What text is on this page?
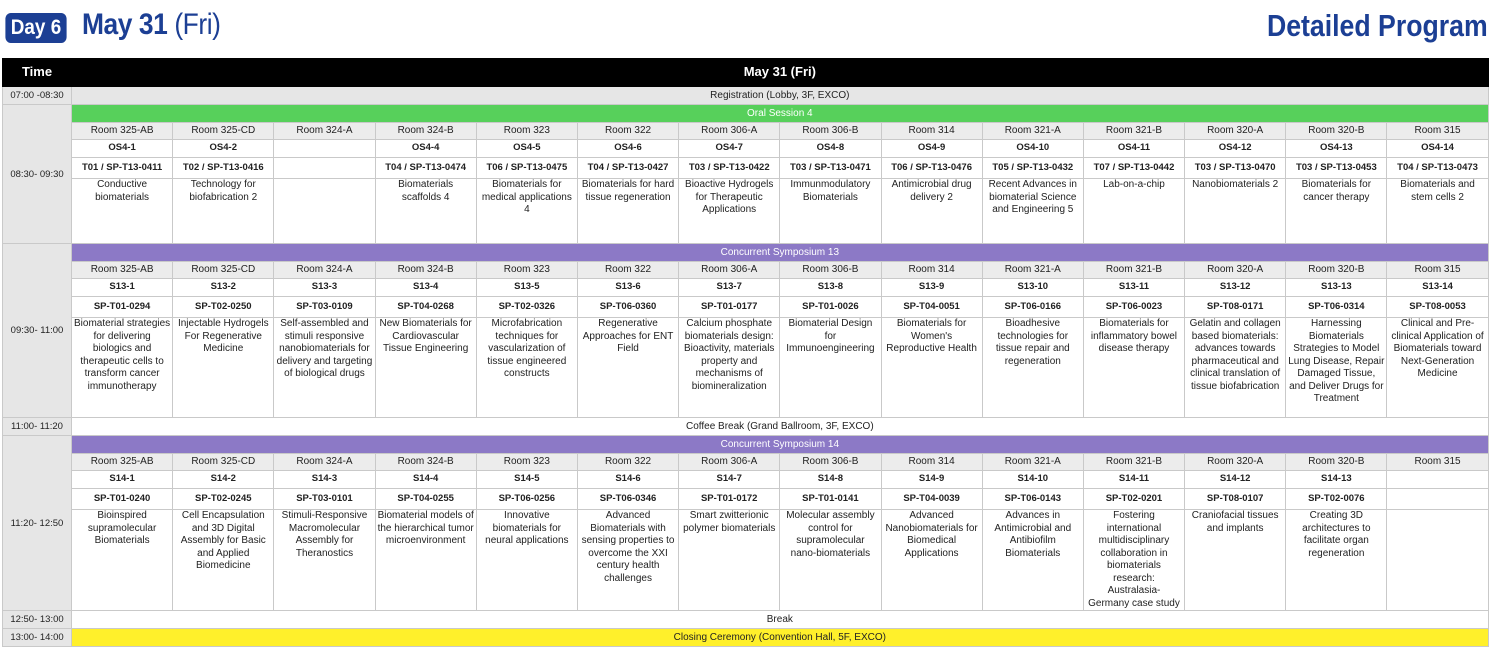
Day 6 May 31 (Fri)	Detailed Program
Time	May 31 (Fri)													
07:00 -08:30	Registration (Lobby, 3F, EXCO)													
08:30- 09:30	Oral Session 4													
	Room 325-AB	Room 325-CD	Room 324-A	Room 324-B	Room 323	Room 322	Room 306-A	Room 306-B	Room 314	Room 321-A	Room 321-B	Room 320-A	Room 320-B	Room 315
	OS4-1	OS4-2		OS4-4	OS4-5	OS4-6	OS4-7	OS4-8	OS4-9	OS4-10	OS4-11	OS4-12	OS4-13	OS4-14
	T01 / SP-T13-0411	T02 / SP-T13-0416		T04 / SP-T13-0474	T06 / SP-T13-0475	T04 / SP-T13-0427	T03 / SP-T13-0422	T03 / SP-T13-0471	T06 / SP-T13-0476	T05 / SP-T13-0432	T07 / SP-T13-0442	T03 / SP-T13-0470	T03 / SP-T13-0453	T04 / SP-T13-0473
	Conductive biomaterials	Technology for biofabrication 2		Biomaterials scaffolds 4	Biomaterials for medical applications 4	Biomaterials for hard tissue regeneration	Bioactive Hydrogels for Therapeutic Applications	Immunmodulatory Biomaterials	Antimicrobial drug delivery 2	Recent Advances in biomaterial Science and Engineering 5	Lab-on-a-chip	Nanobiomaterials 2	Biomaterials for cancer therapy	Biomaterials and stem cells 2
09:30- 11:00	Concurrent Symposium 13													
	Room 325-AB	Room 325-CD	Room 324-A	Room 324-B	Room 323	Room 322	Room 306-A	Room 306-B	Room 314	Room 321-A	Room 321-B	Room 320-A	Room 320-B	Room 315
	S13-1	S13-2	S13-3	S13-4	S13-5	S13-6	S13-7	S13-8	S13-9	S13-10	S13-11	S13-12	S13-13	S13-14
	SP-T01-0294	SP-T02-0250	SP-T03-0109	SP-T04-0268	SP-T02-0326	SP-T06-0360	SP-T01-0177	SP-T01-0026	SP-T04-0051	SP-T06-0166	SP-T06-0023	SP-T08-0171	SP-T06-0314	SP-T08-0053
	Biomaterial strategies for delivering biologics and therapeutic cells to transform cancer immunotherapy	Injectable Hydrogels For Regenerative Medicine	Self-assembled and stimuli responsive nanobiomaterials for delivery and targeting of biological drugs	New Biomaterials for Cardiovascular Tissue Engineering	Microfabrication techniques for vascularization of tissue engineered constructs	Regenerative Approaches for ENT Field	Calcium phosphate biomaterials design: Bioactivity, materials property and mechanisms of biomineralization	Biomaterial Design for Immunoengineering	Biomaterials for Women's Reproductive Health	Bioadhesive technologies for tissue repair and regeneration	Biomaterials for inflammatory bowel disease therapy	Gelatin and collagen based biomaterials: advances towards pharmaceutical and clinical translation of tissue biofabrication	Harnessing Biomaterials Strategies to Model Lung Disease, Repair Damaged Tissue, and Deliver Drugs for Treatment	Clinical and Pre-clinical Application of Biomaterials toward Next-Generation Medicine
11:00- 11:20	Coffee Break (Grand Ballroom, 3F, EXCO)													
11:20- 12:50	Concurrent Symposium 14													
	Room 325-AB	Room 325-CD	Room 324-A	Room 324-B	Room 323	Room 322	Room 306-A	Room 306-B	Room 314	Room 321-A	Room 321-B	Room 320-A	Room 320-B	Room 315
	S14-1	S14-2	S14-3	S14-4	S14-5	S14-6	S14-7	S14-8	S14-9	S14-10	S14-11	S14-12	S14-13	
	SP-T01-0240	SP-T02-0245	SP-T03-0101	SP-T04-0255	SP-T06-0256	SP-T06-0346	SP-T01-0172	SP-T01-0141	SP-T04-0039	SP-T06-0143	SP-T02-0201	SP-T08-0107	SP-T02-0076	
	Bioinspired supramolecular Biomaterials	Cell Encapsulation and 3D Digital Assembly for Basic and Applied Biomedicine	Stimuli-Responsive Macromolecular Assembly for Theranostics	Biomaterial models of the hierarchical tumor microenvironment	Innovative biomaterials for neural applications	Advanced Biomaterials with sensing properties to overcome the XXI century health challenges	Smart zwitterionic polymer biomaterials	Molecular assembly control for supramolecular nano-biomaterials	Advanced Nanobiomaterials for Biomedical Applications	Advances in Antimicrobial and Antibiofilm Biomaterials	Fostering international multidisciplinary collaboration in biomaterials research: Australasia- Germany case study	Craniofacial tissues and implants	Creating 3D architectures to facilitate organ regeneration	
12:50- 13:00	Break													
13:00- 14:00	Closing Ceremony (Convention Hall, 5F, EXCO)													
